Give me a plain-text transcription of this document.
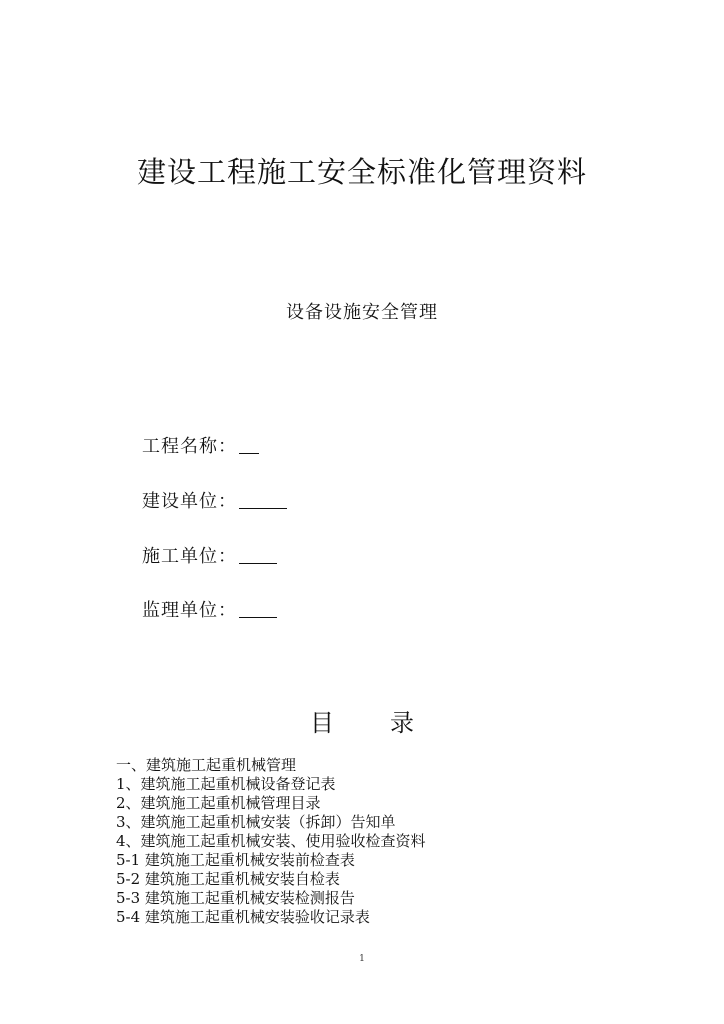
建设工程施工安全标准化管理资料
设备设施安全管理
工程名称：
建设单位：
施工单位：
监理单位：
目 录
一、建筑施工起重机械管理
1、建筑施工起重机械设备登记表
2、建筑施工起重机械管理目录
3、建筑施工起重机械安装（拆卸）告知单
4、建筑施工起重机械安装、使用验收检查资料
5-1 建筑施工起重机械安装前检查表
5-2 建筑施工起重机械安装自检表
5-3 建筑施工起重机械安装检测报告
5-4 建筑施工起重机械安装验收记录表
1
